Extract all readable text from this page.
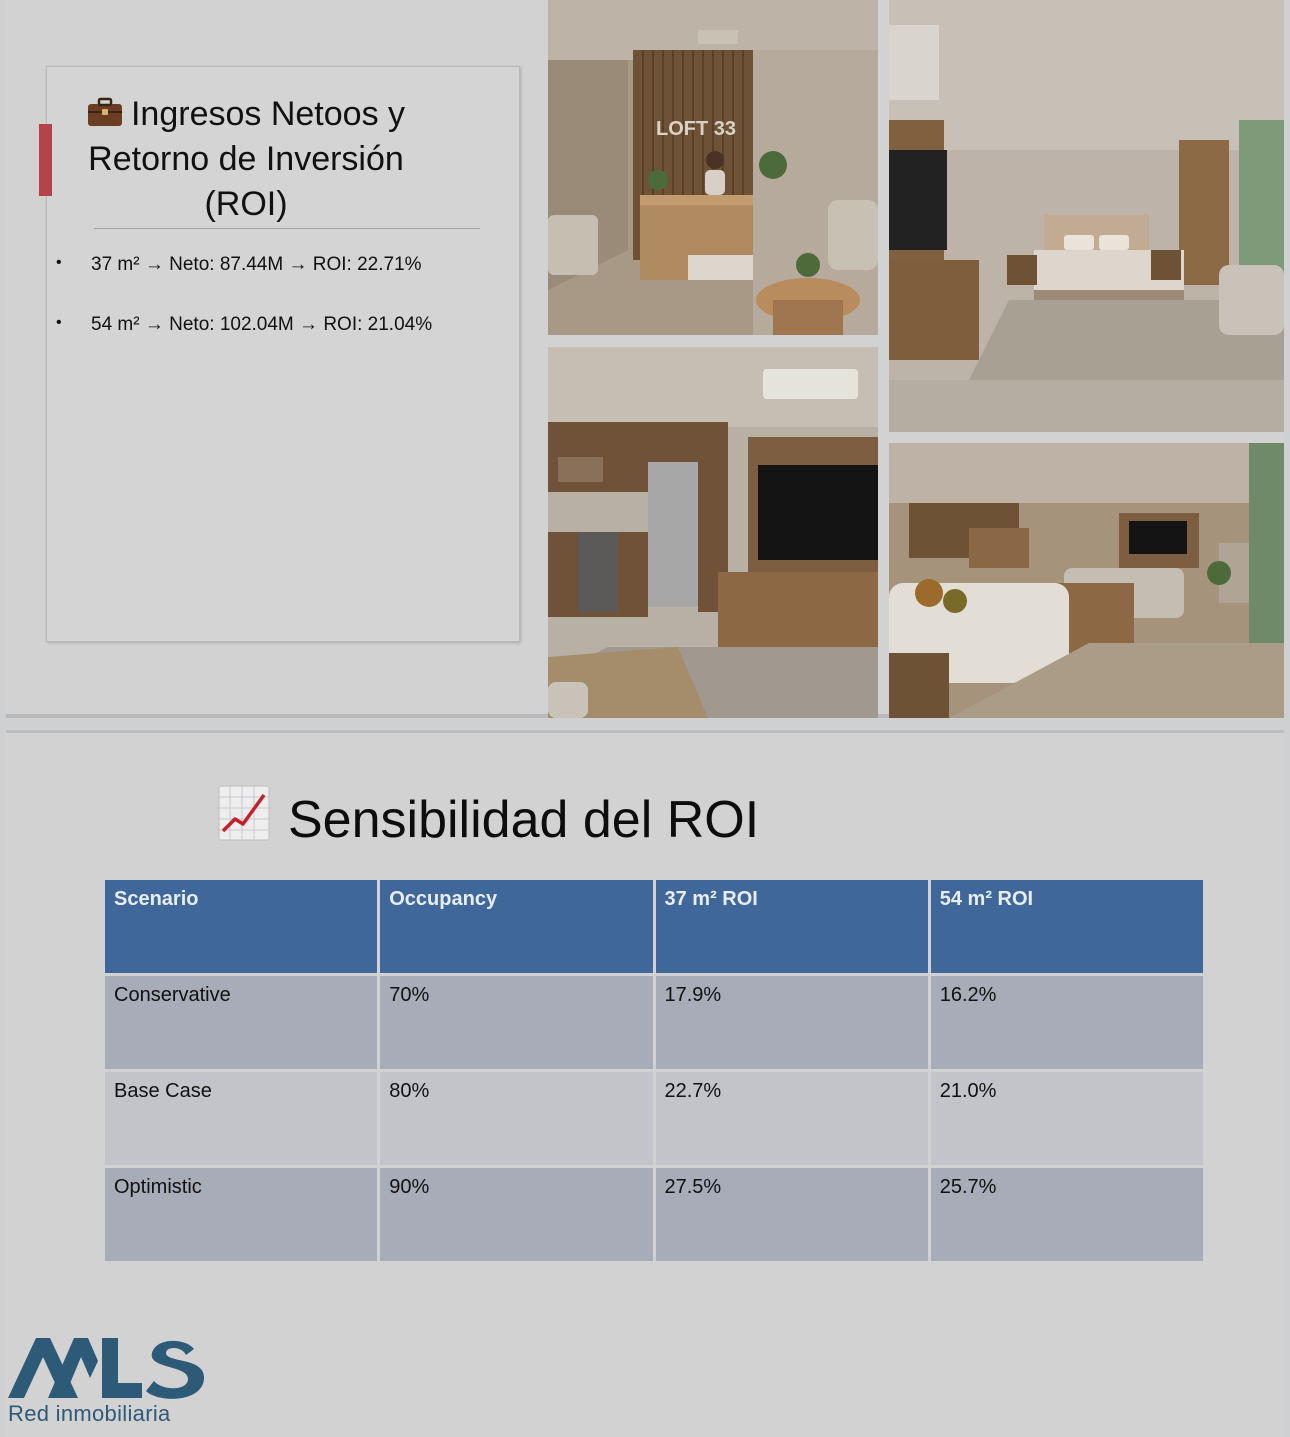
Ingresos Netoos y Retorno de Inversión (ROI)
• 37 m² → Neto: 87.44M → ROI: 22.71%
• 54 m² → Neto: 102.04M → ROI: 21.04%
LOFT 33
Sensibilidad del ROI
Scenario	Occupancy	37 m² ROI	54 m² ROI
Conservative	70%	17.9%	16.2%
Base Case	80%	22.7%	21.0%
Optimistic	90%	27.5%	25.7%
Red inmobiliaria
